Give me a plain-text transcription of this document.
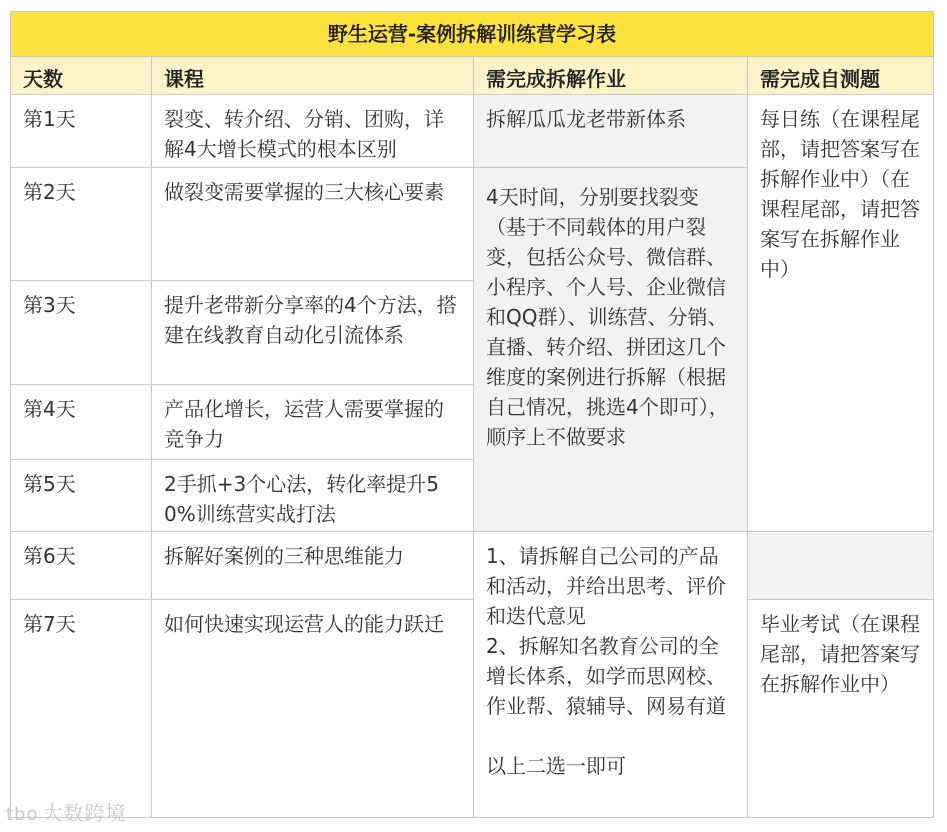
野生运营-案例拆解训练营学习表			
天数	课程	需完成拆解作业	需完成自测题
第1天	裂变、转介绍、分销、团购，详解4大增长模式的根本区别	拆解瓜瓜龙老带新体系	每日练（在课程尾部，请把答案写在拆解作业中）（在课程尾部，请把答案写在拆解作业中）
第2天	做裂变需要掌握的三大核心要素	4天时间，分别要找裂变（基于不同载体的用户裂变，包括公众号、微信群、小程序、个人号、企业微信和QQ群）、训练营、分销、直播、转介绍、拼团这几个维度的案例进行拆解（根据自己情况，挑选4个即可），顺序上不做要求	
第3天	提升老带新分享率的4个方法，搭建在线教育自动化引流体系		
第4天	产品化增长，运营人需要掌握的竞争力		
第5天	2手抓+3个心法，转化率提升50%训练营实战打法		
第6天	拆解好案例的三种思维能力	1、请拆解自己公司的产品和活动，并给出思考、评价和迭代意见
2、拆解知名教育公司的全增长体系，如学而思网校、作业帮、猿辅导、网易有道

以上二选一即可	
第7天	如何快速实现运营人的能力跃迁		毕业考试（在课程尾部，请把答案写在拆解作业中）
tbo 大数跨境
